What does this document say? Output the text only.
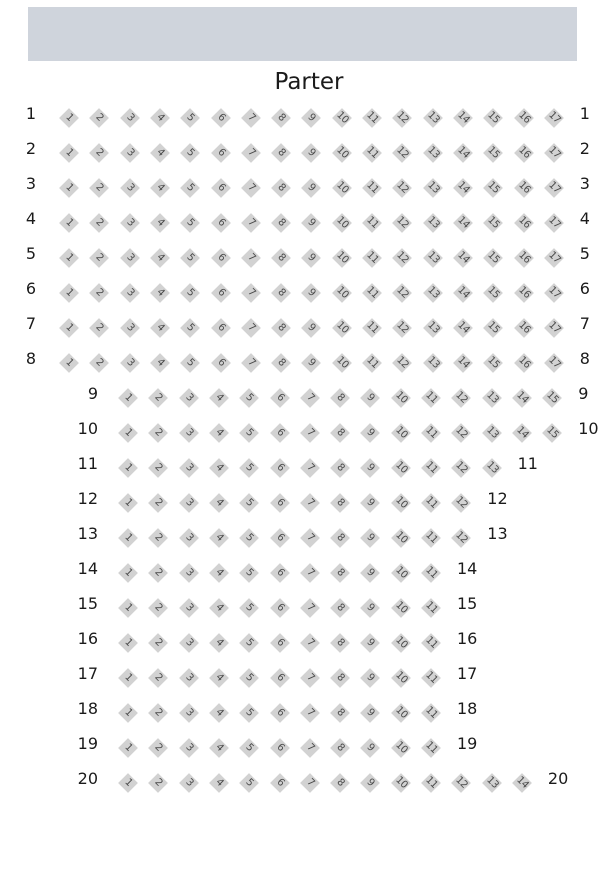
Parter
1	1	2	3	4	5	6	7	8	9	10	11	12	13	14	15	16	17	1
2	1	2	3	4	5	6	7	8	9	10	11	12	13	14	15	16	17	2
3	1	2	3	4	5	6	7	8	9	10	11	12	13	14	15	16	17	3
4	1	2	3	4	5	6	7	8	9	10	11	12	13	14	15	16	17	4
5	1	2	3	4	5	6	7	8	9	10	11	12	13	14	15	16	17	5
6	1	2	3	4	5	6	7	8	9	10	11	12	13	14	15	16	17	6
7	1	2	3	4	5	6	7	8	9	10	11	12	13	14	15	16	17	7
8	1	2	3	4	5	6	7	8	9	10	11	12	13	14	15	16	17	8
9	1	2	3	4	5	6	7	8	9	10	11	12	13	14	15	9
10	1	2	3	4	5	6	7	8	9	10	11	12	13	14	15	10
11	1	2	3	4	5	6	7	8	9	10	11	12	13	11
12	1	2	3	4	5	6	7	8	9	10	11	12	12
13	1	2	3	4	5	6	7	8	9	10	11	12	13
14	1	2	3	4	5	6	7	8	9	10	11	14
15	1	2	3	4	5	6	7	8	9	10	11	15
16	1	2	3	4	5	6	7	8	9	10	11	16
17	1	2	3	4	5	6	7	8	9	10	11	17
18	1	2	3	4	5	6	7	8	9	10	11	18
19	1	2	3	4	5	6	7	8	9	10	11	19
20	1	2	3	4	5	6	7	8	9	10	11	12	13	14	20
